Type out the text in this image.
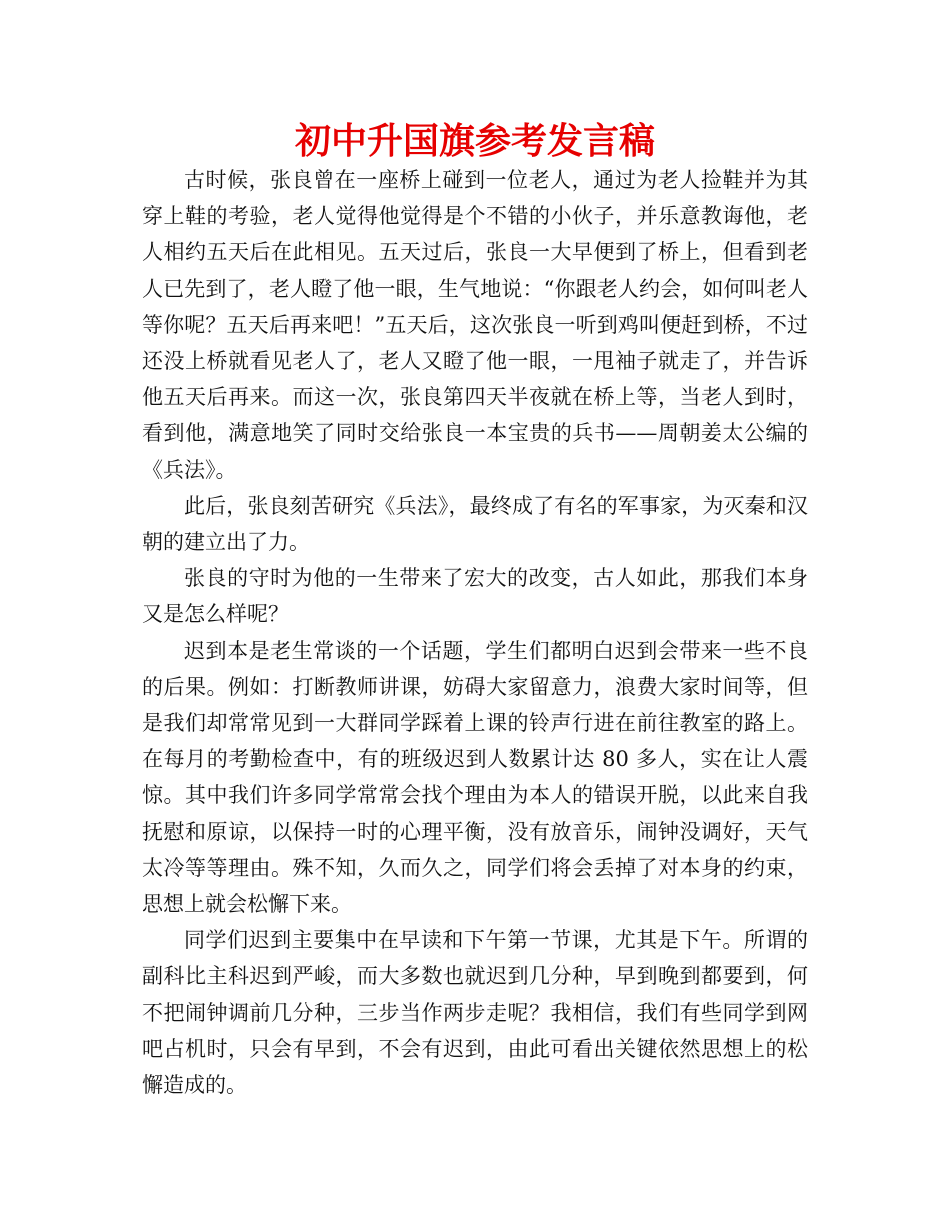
初中升国旗参考发言稿

古时候，张良曾在一座桥上碰到一位老人，通过为老人捡鞋并为其穿上鞋的考验，老人觉得他觉得是个不错的小伙子，并乐意教诲他，老人相约五天后在此相见。五天过后，张良一大早便到了桥上，但看到老人已先到了，老人瞪了他一眼，生气地说：“你跟老人约会，如何叫老人等你呢？五天后再来吧！”五天后，这次张良一听到鸡叫便赶到桥，不过还没上桥就看见老人了，老人又瞪了他一眼，一甩袖子就走了，并告诉他五天后再来。而这一次，张良第四天半夜就在桥上等，当老人到时，看到他，满意地笑了同时交给张良一本宝贵的兵书——周朝姜太公编的《兵法》。

此后，张良刻苦研究《兵法》，最终成了有名的军事家，为灭秦和汉朝的建立出了力。

张良的守时为他的一生带来了宏大的改变，古人如此，那我们本身又是怎么样呢？

迟到本是老生常谈的一个话题，学生们都明白迟到会带来一些不良的后果。例如：打断教师讲课，妨碍大家留意力，浪费大家时间等，但是我们却常常见到一大群同学踩着上课的铃声行进在前往教室的路上。在每月的考勤检查中，有的班级迟到人数累计达 80 多人，实在让人震惊。其中我们许多同学常常会找个理由为本人的错误开脱，以此来自我抚慰和原谅，以保持一时的心理平衡，没有放音乐，闹钟没调好，天气太冷等等理由。殊不知，久而久之，同学们将会丢掉了对本身的约束，思想上就会松懈下来。

同学们迟到主要集中在早读和下午第一节课，尤其是下午。所谓的副科比主科迟到严峻，而大多数也就迟到几分种，早到晚到都要到，何不把闹钟调前几分种，三步当作两步走呢？我相信，我们有些同学到网吧占机时，只会有早到，不会有迟到，由此可看出关键依然思想上的松懈造成的。
